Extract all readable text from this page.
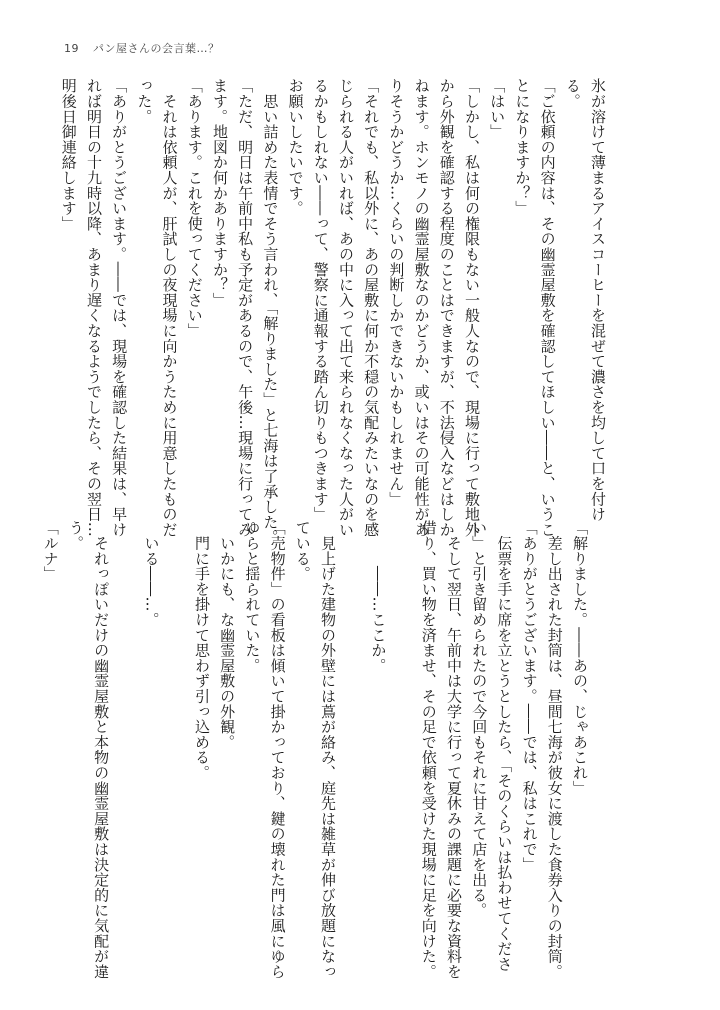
19 パン屋さんの会言葉…？
氷が溶けて薄まるアイスコーヒーを混ぜて濃さを均して口を付け
る。
「ご依頼の内容は、その幽霊屋敷を確認してほしい――と、いうこ
とになりますか？」
「はい」
「しかし、私は何の権限もない一般人なので、現場に行って敷地外
から外観を確認する程度のことはできますが、不法侵入などはしか
ねます。ホンモノの幽霊屋敷なのかどうか、或いはその可能性があ
りそうかどうか…くらいの判断しかできないかもしれません」
「それでも、私以外に、あの屋敷に何か不穏の気配みたいなのを感
じられる人がいれば、あの中に入って出て来られなくなった人がい
るかもしれない――って、警察に通報する踏ん切りもつきます」
お願いしたいです。
　思い詰めた表情でそう言われ、「解りました」と七海は了承した。
「ただ、明日は午前中私も予定があるので、午後…現場に行ってみ
ます。地図か何かありますか？」
「あります。これを使ってください」
　それは依頼人が、肝試しの夜現場に向かうために用意したものだ
った。
「ありがとうございます。――では、現場を確認した結果は、早け
れば明日の十九時以降、あまり遅くなるようでしたら、その翌日…
明後日御連絡します」
「解りました。――あの、じゃあこれ」
　差し出された封筒は、昼間七海が彼女に渡した食券入りの封筒。
「ありがとうございます。――では、私はこれで」
　伝票を手に席を立とうとしたら、「そのくらいは払わせてくださ
い」と引き留められたので今回もそれに甘えて店を出る。
　そして翌日、午前中は大学に行って夏休みの課題に必要な資料を
借り、買い物を済ませ、その足で依頼を受けた現場に足を向けた。

　　　――…ここか。

　見上げた建物の外壁には蔦が絡み、庭先は雑草が伸び放題になっ
ている。
「売物件」の看板は傾いて掛かっており、鍵の壊れた門は風にゆら
ゆらと揺られていた。
　いかにも、な幽霊屋敷の外観。
　門に手を掛けて思わず引っ込める。

　いる――…。

　それっぽいだけの幽霊屋敷と本物の幽霊屋敷は決定的に気配が違
う。
「ルナ」
